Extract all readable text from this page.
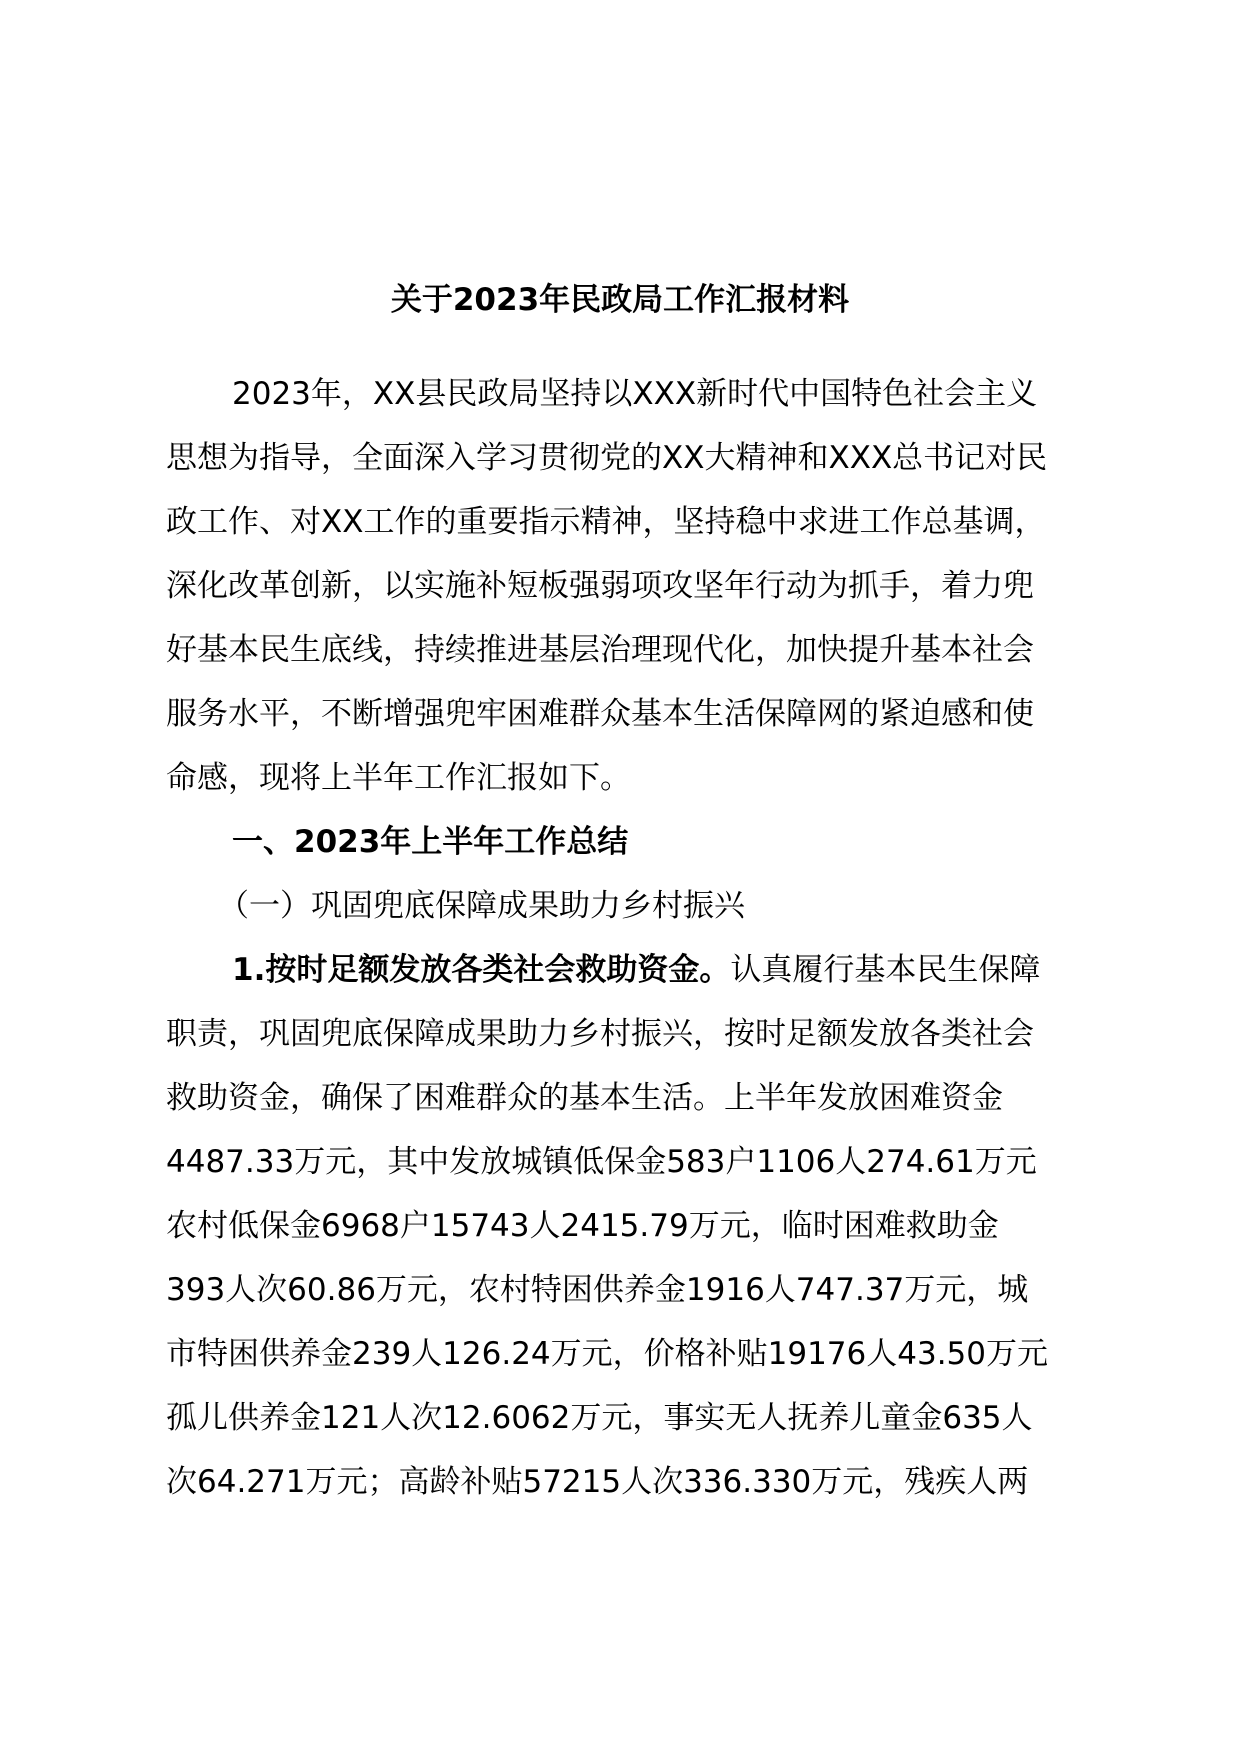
关于2023年民政局工作汇报材料

2023年，XX县民政局坚持以XXX新时代中国特色社会主义

思想为指导，全面深入学习贯彻党的XX大精神和XXX总书记对民

政工作、对XX工作的重要指示精神，坚持稳中求进工作总基调，

深化改革创新，以实施补短板强弱项攻坚年行动为抓手，着力兜

好基本民生底线，持续推进基层治理现代化，加快提升基本社会

服务水平，不断增强兜牢困难群众基本生活保障网的紧迫感和使

命感，现将上半年工作汇报如下。

一、2023年上半年工作总结

（一）巩固兜底保障成果助力乡村振兴

1.按时足额发放各类社会救助资金。认真履行基本民生保障

职责，巩固兜底保障成果助力乡村振兴，按时足额发放各类社会

救助资金，确保了困难群众的基本生活。上半年发放困难资金

4487.33万元，其中发放城镇低保金583户1106人274.61万元

农村低保金6968户15743人2415.79万元，临时困难救助金

393人次60.86万元，农村特困供养金1916人747.37万元，城

市特困供养金239人126.24万元，价格补贴19176人43.50万元

孤儿供养金121人次12.6062万元，事实无人抚养儿童金635人

次64.271万元；高龄补贴57215人次336.330万元，残疾人两
